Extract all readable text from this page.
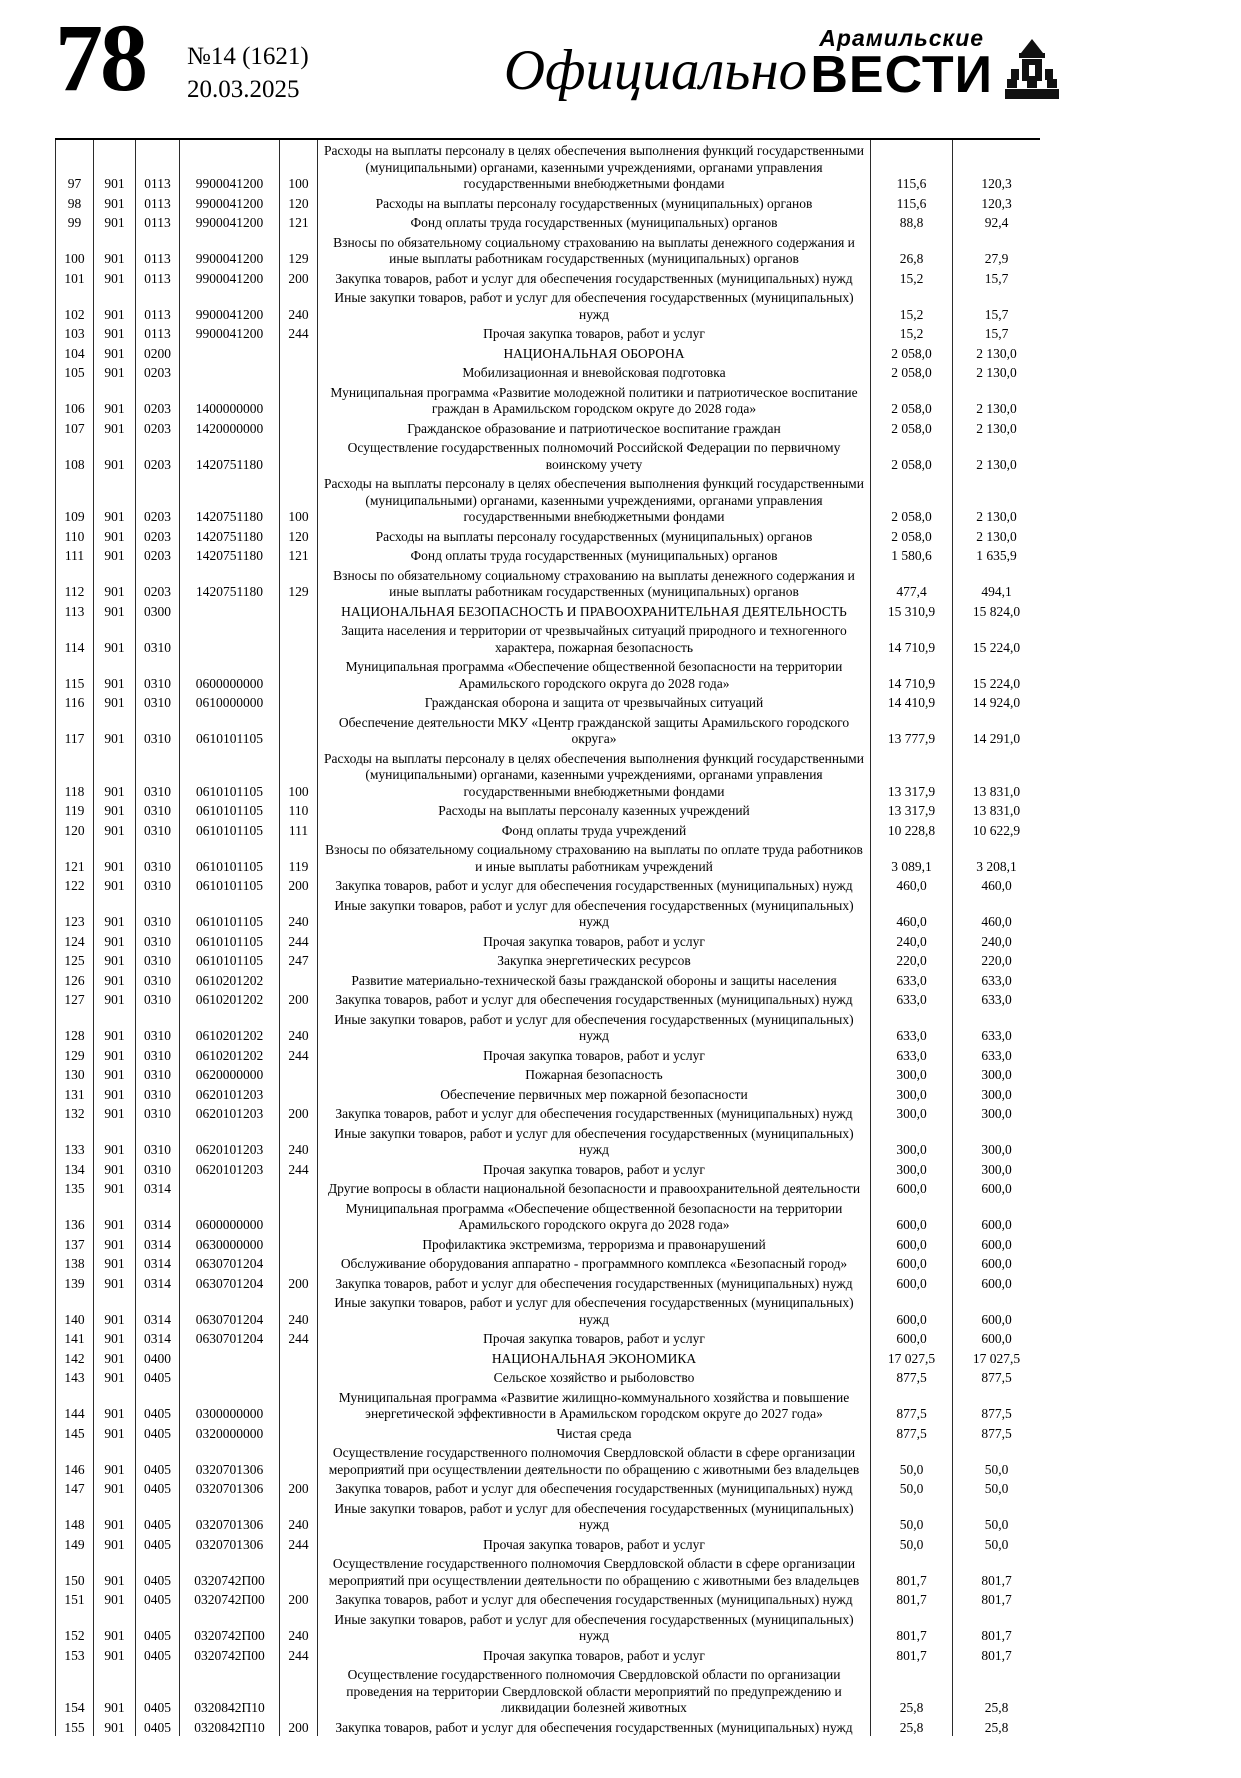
78 №14 (1621)
20.03.2025	Официально
Арамильские
ВЕСТИ
97	901	0113	9900041200	100	Расходы на выплаты персоналу в целях обеспечения выполнения функций государственными (муниципальными) органами, казенными учреждениями, органами управления государственными внебюджетными фондами	115,6	120,3
98	901	0113	9900041200	120	Расходы на выплаты персоналу государственных (муниципальных) органов	115,6	120,3
99	901	0113	9900041200	121	Фонд оплаты труда государственных (муниципальных) органов	88,8	92,4
100	901	0113	9900041200	129	Взносы по обязательному социальному страхованию на выплаты денежного содержания и иные выплаты работникам государственных (муниципальных) органов	26,8	27,9
101	901	0113	9900041200	200	Закупка товаров, работ и услуг для обеспечения государственных (муниципальных) нужд	15,2	15,7
102	901	0113	9900041200	240	Иные закупки товаров, работ и услуг для обеспечения государственных (муниципальных) нужд	15,2	15,7
103	901	0113	9900041200	244	Прочая закупка товаров, работ и услуг	15,2	15,7
104	901	0200			НАЦИОНАЛЬНАЯ ОБОРОНА	2 058,0	2 130,0
105	901	0203			Мобилизационная и вневойсковая подготовка	2 058,0	2 130,0
106	901	0203	1400000000		Муниципальная программа «Развитие молодежной политики и патриотическое воспитание граждан в Арамильском городском округе до 2028 года»	2 058,0	2 130,0
107	901	0203	1420000000		Гражданское образование и патриотическое воспитание граждан	2 058,0	2 130,0
108	901	0203	1420751180		Осуществление государственных полномочий Российской Федерации по первичному воинскому учету	2 058,0	2 130,0
109	901	0203	1420751180	100	Расходы на выплаты персоналу в целях обеспечения выполнения функций государственными (муниципальными) органами, казенными учреждениями, органами управления государственными внебюджетными фондами	2 058,0	2 130,0
110	901	0203	1420751180	120	Расходы на выплаты персоналу государственных (муниципальных) органов	2 058,0	2 130,0
111	901	0203	1420751180	121	Фонд оплаты труда государственных (муниципальных) органов	1 580,6	1 635,9
112	901	0203	1420751180	129	Взносы по обязательному социальному страхованию на выплаты денежного содержания и иные выплаты работникам государственных (муниципальных) органов	477,4	494,1
113	901	0300			НАЦИОНАЛЬНАЯ БЕЗОПАСНОСТЬ И ПРАВООХРАНИТЕЛЬНАЯ ДЕЯТЕЛЬНОСТЬ	15 310,9	15 824,0
114	901	0310			Защита населения и территории от чрезвычайных ситуаций природного и техногенного характера, пожарная безопасность	14 710,9	15 224,0
115	901	0310	0600000000		Муниципальная программа «Обеспечение общественной безопасности на территории Арамильского городского округа до 2028 года»	14 710,9	15 224,0
116	901	0310	0610000000		Гражданская оборона и защита от чрезвычайных ситуаций	14 410,9	14 924,0
117	901	0310	0610101105		Обеспечение деятельности МКУ «Центр гражданской защиты Арамильского городского округа»	13 777,9	14 291,0
118	901	0310	0610101105	100	Расходы на выплаты персоналу в целях обеспечения выполнения функций государственными (муниципальными) органами, казенными учреждениями, органами управления государственными внебюджетными фондами	13 317,9	13 831,0
119	901	0310	0610101105	110	Расходы на выплаты персоналу казенных учреждений	13 317,9	13 831,0
120	901	0310	0610101105	111	Фонд оплаты труда учреждений	10 228,8	10 622,9
121	901	0310	0610101105	119	Взносы по обязательному социальному страхованию на выплаты по оплате труда работников и иные выплаты работникам учреждений	3 089,1	3 208,1
122	901	0310	0610101105	200	Закупка товаров, работ и услуг для обеспечения государственных (муниципальных) нужд	460,0	460,0
123	901	0310	0610101105	240	Иные закупки товаров, работ и услуг для обеспечения государственных (муниципальных) нужд	460,0	460,0
124	901	0310	0610101105	244	Прочая закупка товаров, работ и услуг	240,0	240,0
125	901	0310	0610101105	247	Закупка энергетических ресурсов	220,0	220,0
126	901	0310	0610201202		Развитие материально-технической базы гражданской обороны и защиты населения	633,0	633,0
127	901	0310	0610201202	200	Закупка товаров, работ и услуг для обеспечения государственных (муниципальных) нужд	633,0	633,0
128	901	0310	0610201202	240	Иные закупки товаров, работ и услуг для обеспечения государственных (муниципальных) нужд	633,0	633,0
129	901	0310	0610201202	244	Прочая закупка товаров, работ и услуг	633,0	633,0
130	901	0310	0620000000		Пожарная безопасность	300,0	300,0
131	901	0310	0620101203		Обеспечение первичных мер пожарной безопасности	300,0	300,0
132	901	0310	0620101203	200	Закупка товаров, работ и услуг для обеспечения государственных (муниципальных) нужд	300,0	300,0
133	901	0310	0620101203	240	Иные закупки товаров, работ и услуг для обеспечения государственных (муниципальных) нужд	300,0	300,0
134	901	0310	0620101203	244	Прочая закупка товаров, работ и услуг	300,0	300,0
135	901	0314			Другие вопросы в области национальной безопасности и правоохранительной деятельности	600,0	600,0
136	901	0314	0600000000		Муниципальная программа «Обеспечение общественной безопасности на территории Арамильского городского округа до 2028 года»	600,0	600,0
137	901	0314	0630000000		Профилактика экстремизма, терроризма и правонарушений	600,0	600,0
138	901	0314	0630701204		Обслуживание оборудования аппаратно - программного комплекса «Безопасный город»	600,0	600,0
139	901	0314	0630701204	200	Закупка товаров, работ и услуг для обеспечения государственных (муниципальных) нужд	600,0	600,0
140	901	0314	0630701204	240	Иные закупки товаров, работ и услуг для обеспечения государственных (муниципальных) нужд	600,0	600,0
141	901	0314	0630701204	244	Прочая закупка товаров, работ и услуг	600,0	600,0
142	901	0400			НАЦИОНАЛЬНАЯ ЭКОНОМИКА	17 027,5	17 027,5
143	901	0405			Сельское хозяйство и рыболовство	877,5	877,5
144	901	0405	0300000000		Муниципальная программа «Развитие жилищно-коммунального хозяйства и повышение энергетической эффективности в Арамильском городском округе до 2027 года»	877,5	877,5
145	901	0405	0320000000		Чистая среда	877,5	877,5
146	901	0405	0320701306		Осуществление государственного полномочия Свердловской области в сфере организации мероприятий при осуществлении деятельности по обращению с животными без владельцев	50,0	50,0
147	901	0405	0320701306	200	Закупка товаров, работ и услуг для обеспечения государственных (муниципальных) нужд	50,0	50,0
148	901	0405	0320701306	240	Иные закупки товаров, работ и услуг для обеспечения государственных (муниципальных) нужд	50,0	50,0
149	901	0405	0320701306	244	Прочая закупка товаров, работ и услуг	50,0	50,0
150	901	0405	0320742П00		Осуществление государственного полномочия Свердловской области в сфере организации мероприятий при осуществлении деятельности по обращению с животными без владельцев	801,7	801,7
151	901	0405	0320742П00	200	Закупка товаров, работ и услуг для обеспечения государственных (муниципальных) нужд	801,7	801,7
152	901	0405	0320742П00	240	Иные закупки товаров, работ и услуг для обеспечения государственных (муниципальных) нужд	801,7	801,7
153	901	0405	0320742П00	244	Прочая закупка товаров, работ и услуг	801,7	801,7
154	901	0405	0320842П10		Осуществление государственного полномочия Свердловской области по организации проведения на территории Свердловской области мероприятий по предупреждению и ликвидации болезней животных	25,8	25,8
155	901	0405	0320842П10	200	Закупка товаров, работ и услуг для обеспечения государственных (муниципальных) нужд	25,8	25,8
